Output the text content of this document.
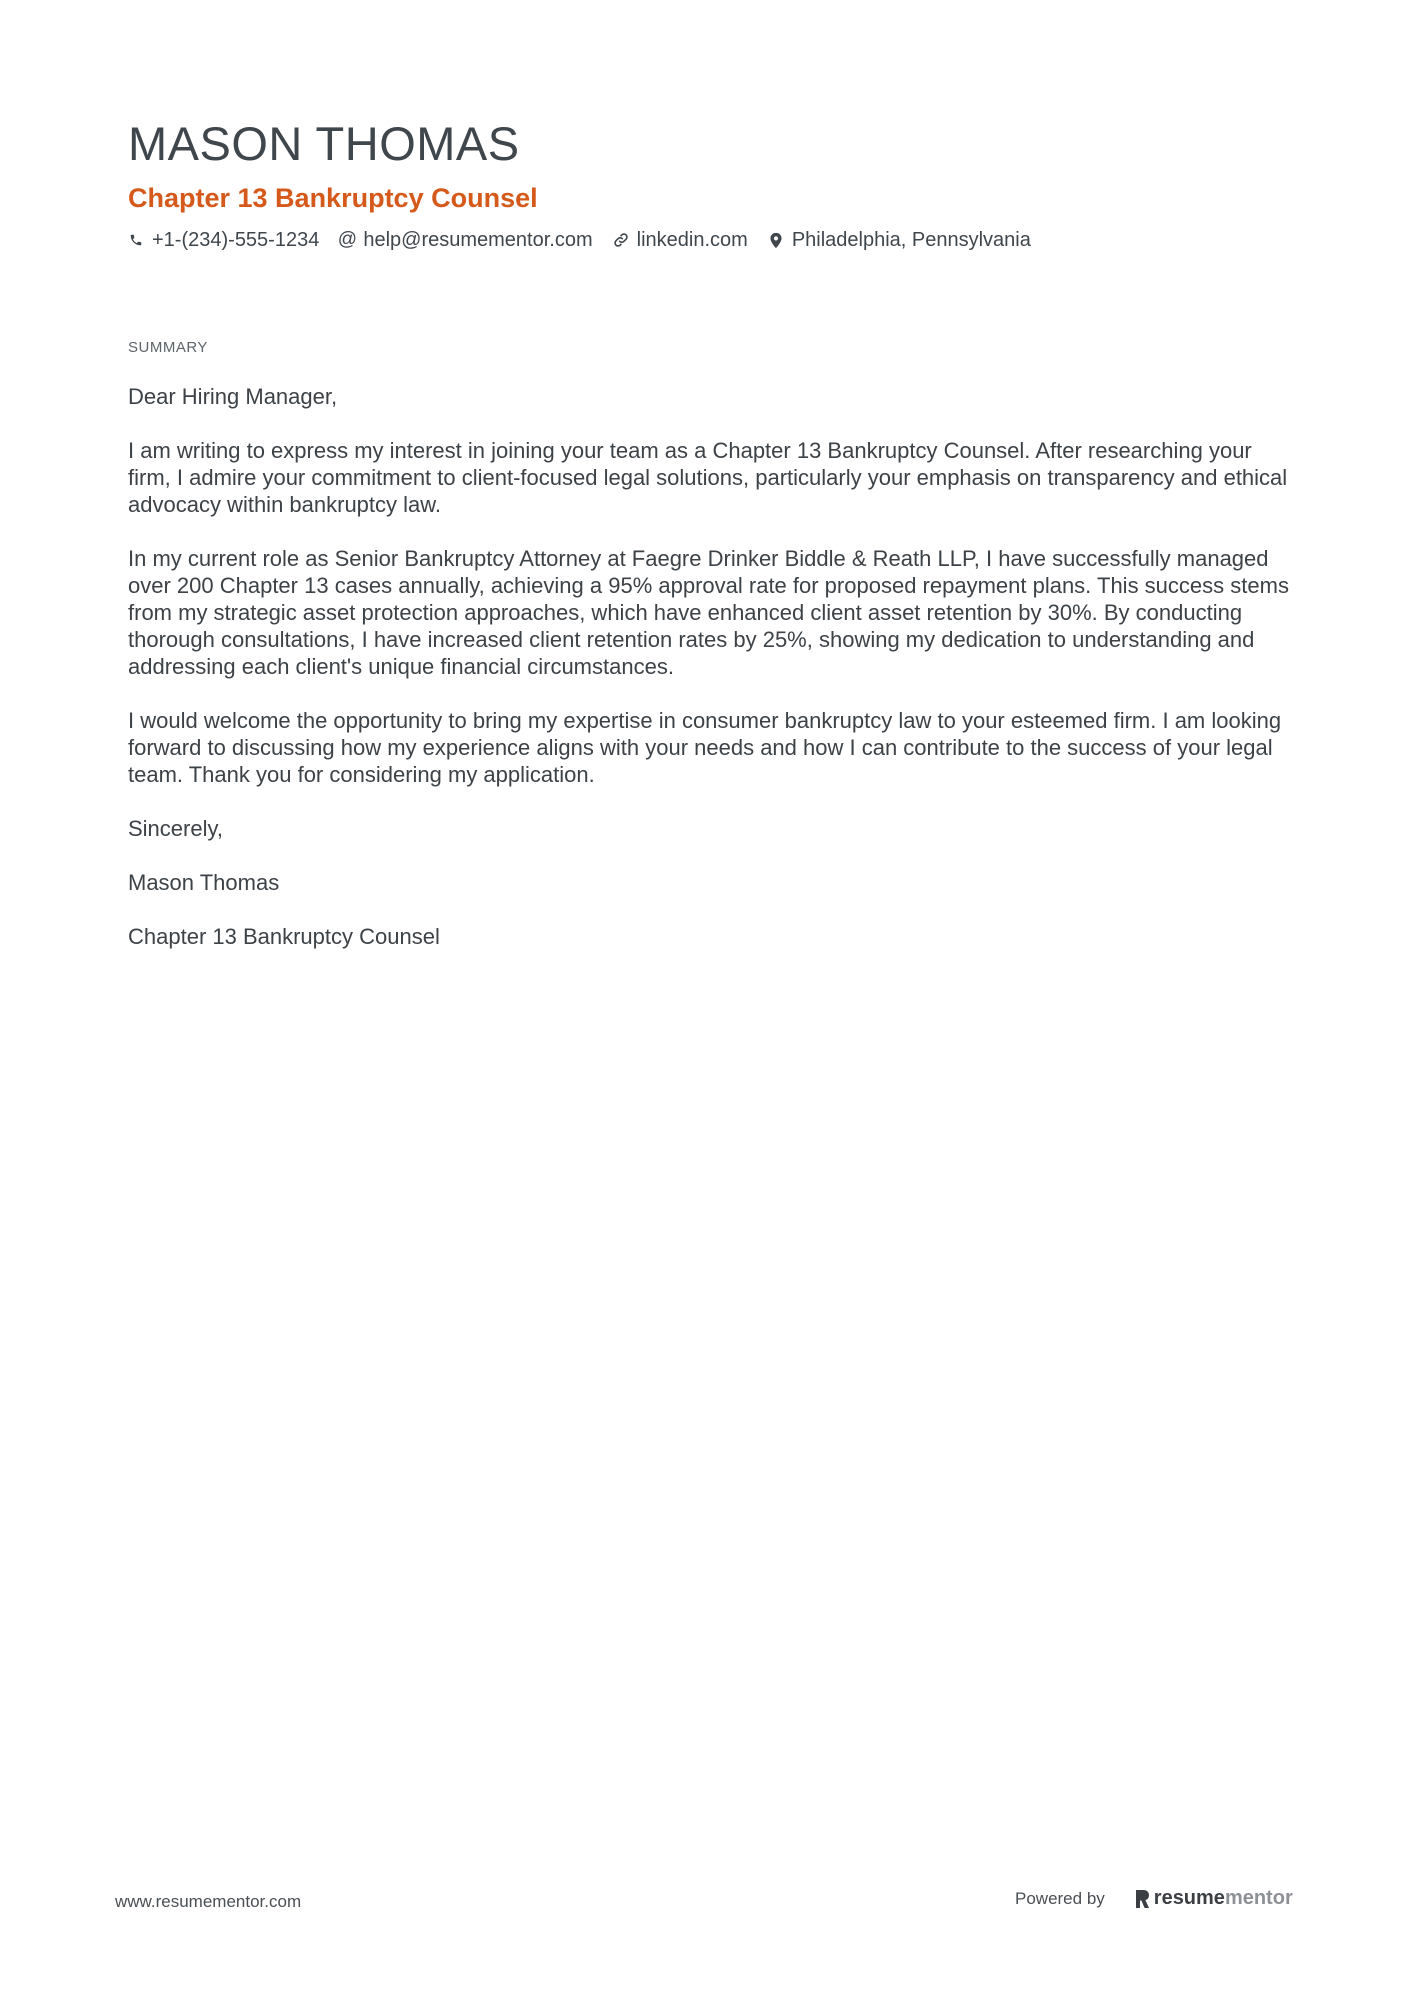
MASON THOMAS
Chapter 13 Bankruptcy Counsel
+1-(234)-555-1234 @ help@resumementor.com linkedin.com Philadelphia, Pennsylvania
SUMMARY

Dear Hiring Manager,

I am writing to express my interest in joining your team as a Chapter 13 Bankruptcy Counsel. After researching your firm, I admire your commitment to client-focused legal solutions, particularly your emphasis on transparency and ethical advocacy within bankruptcy law.

In my current role as Senior Bankruptcy Attorney at Faegre Drinker Biddle & Reath LLP, I have successfully managed over 200 Chapter 13 cases annually, achieving a 95% approval rate for proposed repayment plans. This success stems from my strategic asset protection approaches, which have enhanced client asset retention by 30%. By conducting thorough consultations, I have increased client retention rates by 25%, showing my dedication to understanding and addressing each client's unique financial circumstances.

I would welcome the opportunity to bring my expertise in consumer bankruptcy law to your esteemed firm. I am looking forward to discussing how my experience aligns with your needs and how I can contribute to the success of your legal team. Thank you for considering my application.

Sincerely,

Mason Thomas

Chapter 13 Bankruptcy Counsel

www.resumementor.com	Powered by resume mentor
